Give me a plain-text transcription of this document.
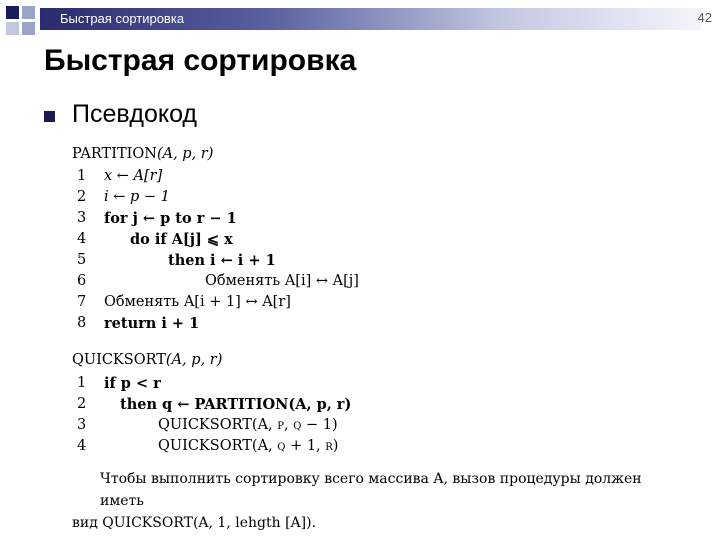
Быстрая сортировка	42
Быстрая сортировка
Псевдокод
PARTITION(A, p, r)
1	x ← A[r]
2	i ← p − 1
3	for j ← p to r − 1
4	do if A[j] ⩽ x
5	then i ← i + 1
6	Обменять A[i] ↔ A[j]
7	Обменять A[i + 1] ↔ A[r]
8	return i + 1
QUICKSORT(A, p, r)
1	if p < r
2	then q ← PARTITION(A, p, r)
3	QUICKSORT(A, p, q − 1)
4	QUICKSORT(A, q + 1, r)
Чтобы выполнить сортировку всего массива A, вызов процедуры должен иметь
вид QUICKSORT(A, 1, lehgth [A]).
